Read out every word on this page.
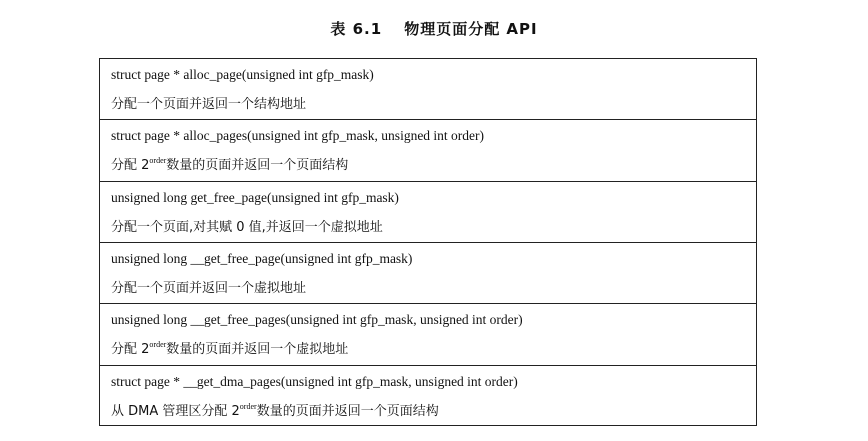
表 6.1 物理页面分配 API
struct page * alloc_page(unsigned int gfp_mask)
分配一个页面并返回一个结构地址
struct page * alloc_pages(unsigned int gfp_mask, unsigned int order)
分配 $2^{order}$数量的页面并返回一个页面结构
unsigned long get_free_page(unsigned int gfp_mask)
分配一个页面,对其赋 0 值,并返回一个虚拟地址
unsigned long __get_free_page(unsigned int gfp_mask)
分配一个页面并返回一个虚拟地址
unsigned long __get_free_pages(unsigned int gfp_mask, unsigned int order)
分配 $2^{order}$数量的页面并返回一个虚拟地址
struct page * __get_dma_pages(unsigned int gfp_mask, unsigned int order)
从 DMA 管理区分配 $2^{order}$数量的页面并返回一个页面结构
